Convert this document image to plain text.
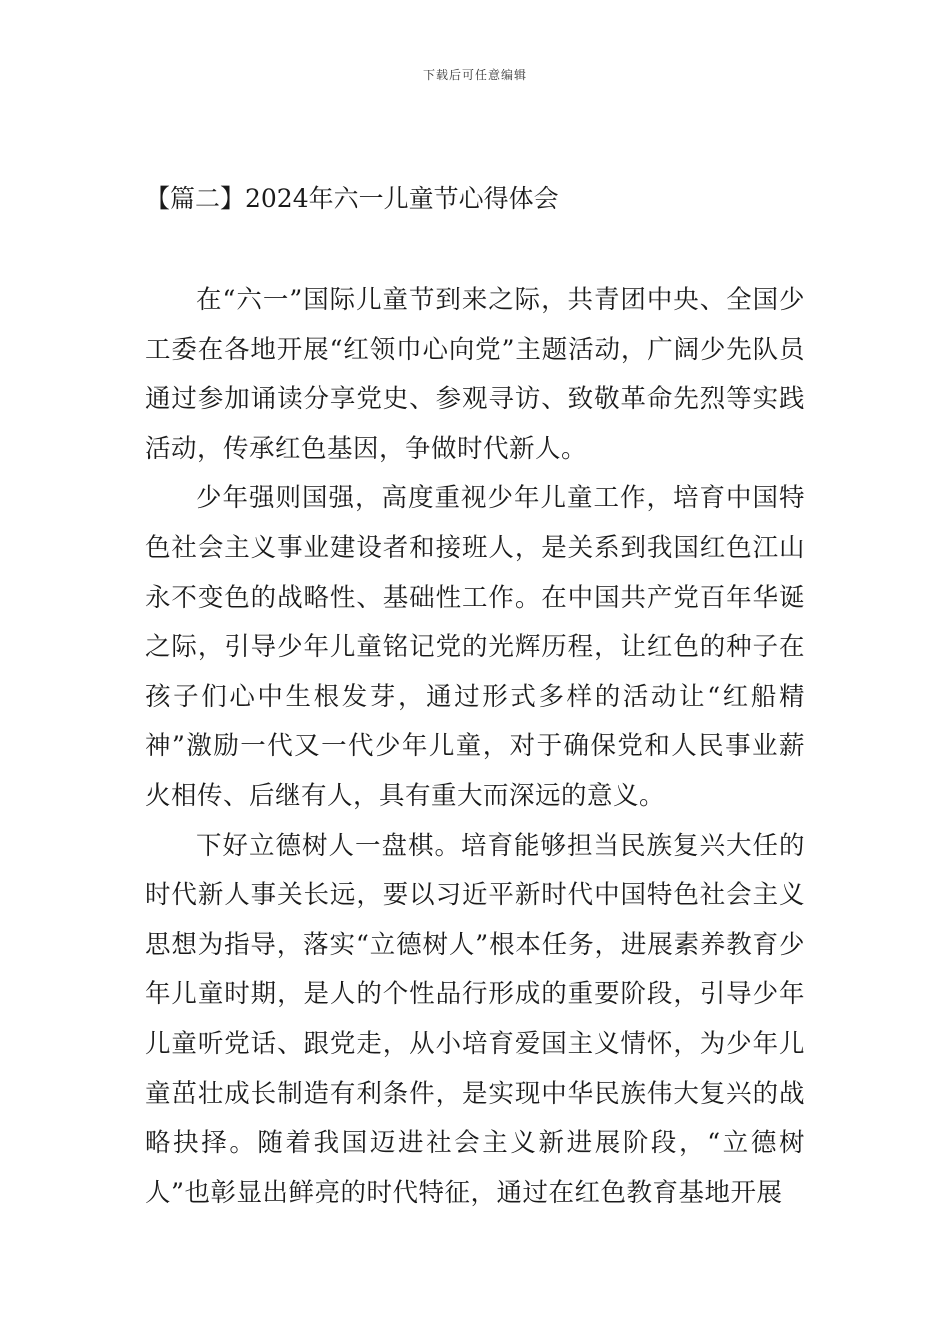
下载后可任意编辑
【篇二】2024年六一儿童节心得体会

在“六一”国际儿童节到来之际，共青团中央、全国少工委在各地开展“红领巾心向党”主题活动，广阔少先队员通过参加诵读分享党史、参观寻访、致敬革命先烈等实践活动，传承红色基因，争做时代新人。

少年强则国强，高度重视少年儿童工作，培育中国特色社会主义事业建设者和接班人，是关系到我国红色江山永不变色的战略性、基础性工作。在中国共产党百年华诞之际，引导少年儿童铭记党的光辉历程，让红色的种子在孩子们心中生根发芽，通过形式多样的活动让“红船精神”激励一代又一代少年儿童，对于确保党和人民事业薪火相传、后继有人，具有重大而深远的意义。

下好立德树人一盘棋。培育能够担当民族复兴大任的时代新人事关长远，要以习近平新时代中国特色社会主义思想为指导，落实“立德树人”根本任务，进展素养教育少年儿童时期，是人的个性品行形成的重要阶段，引导少年儿童听党话、跟党走，从小培育爱国主义情怀，为少年儿童茁壮成长制造有利条件，是实现中华民族伟大复兴的战略抉择。随着我国迈进社会主义新进展阶段，“立德树人”也彰显出鲜亮的时代特征，通过在红色教育基地开展
